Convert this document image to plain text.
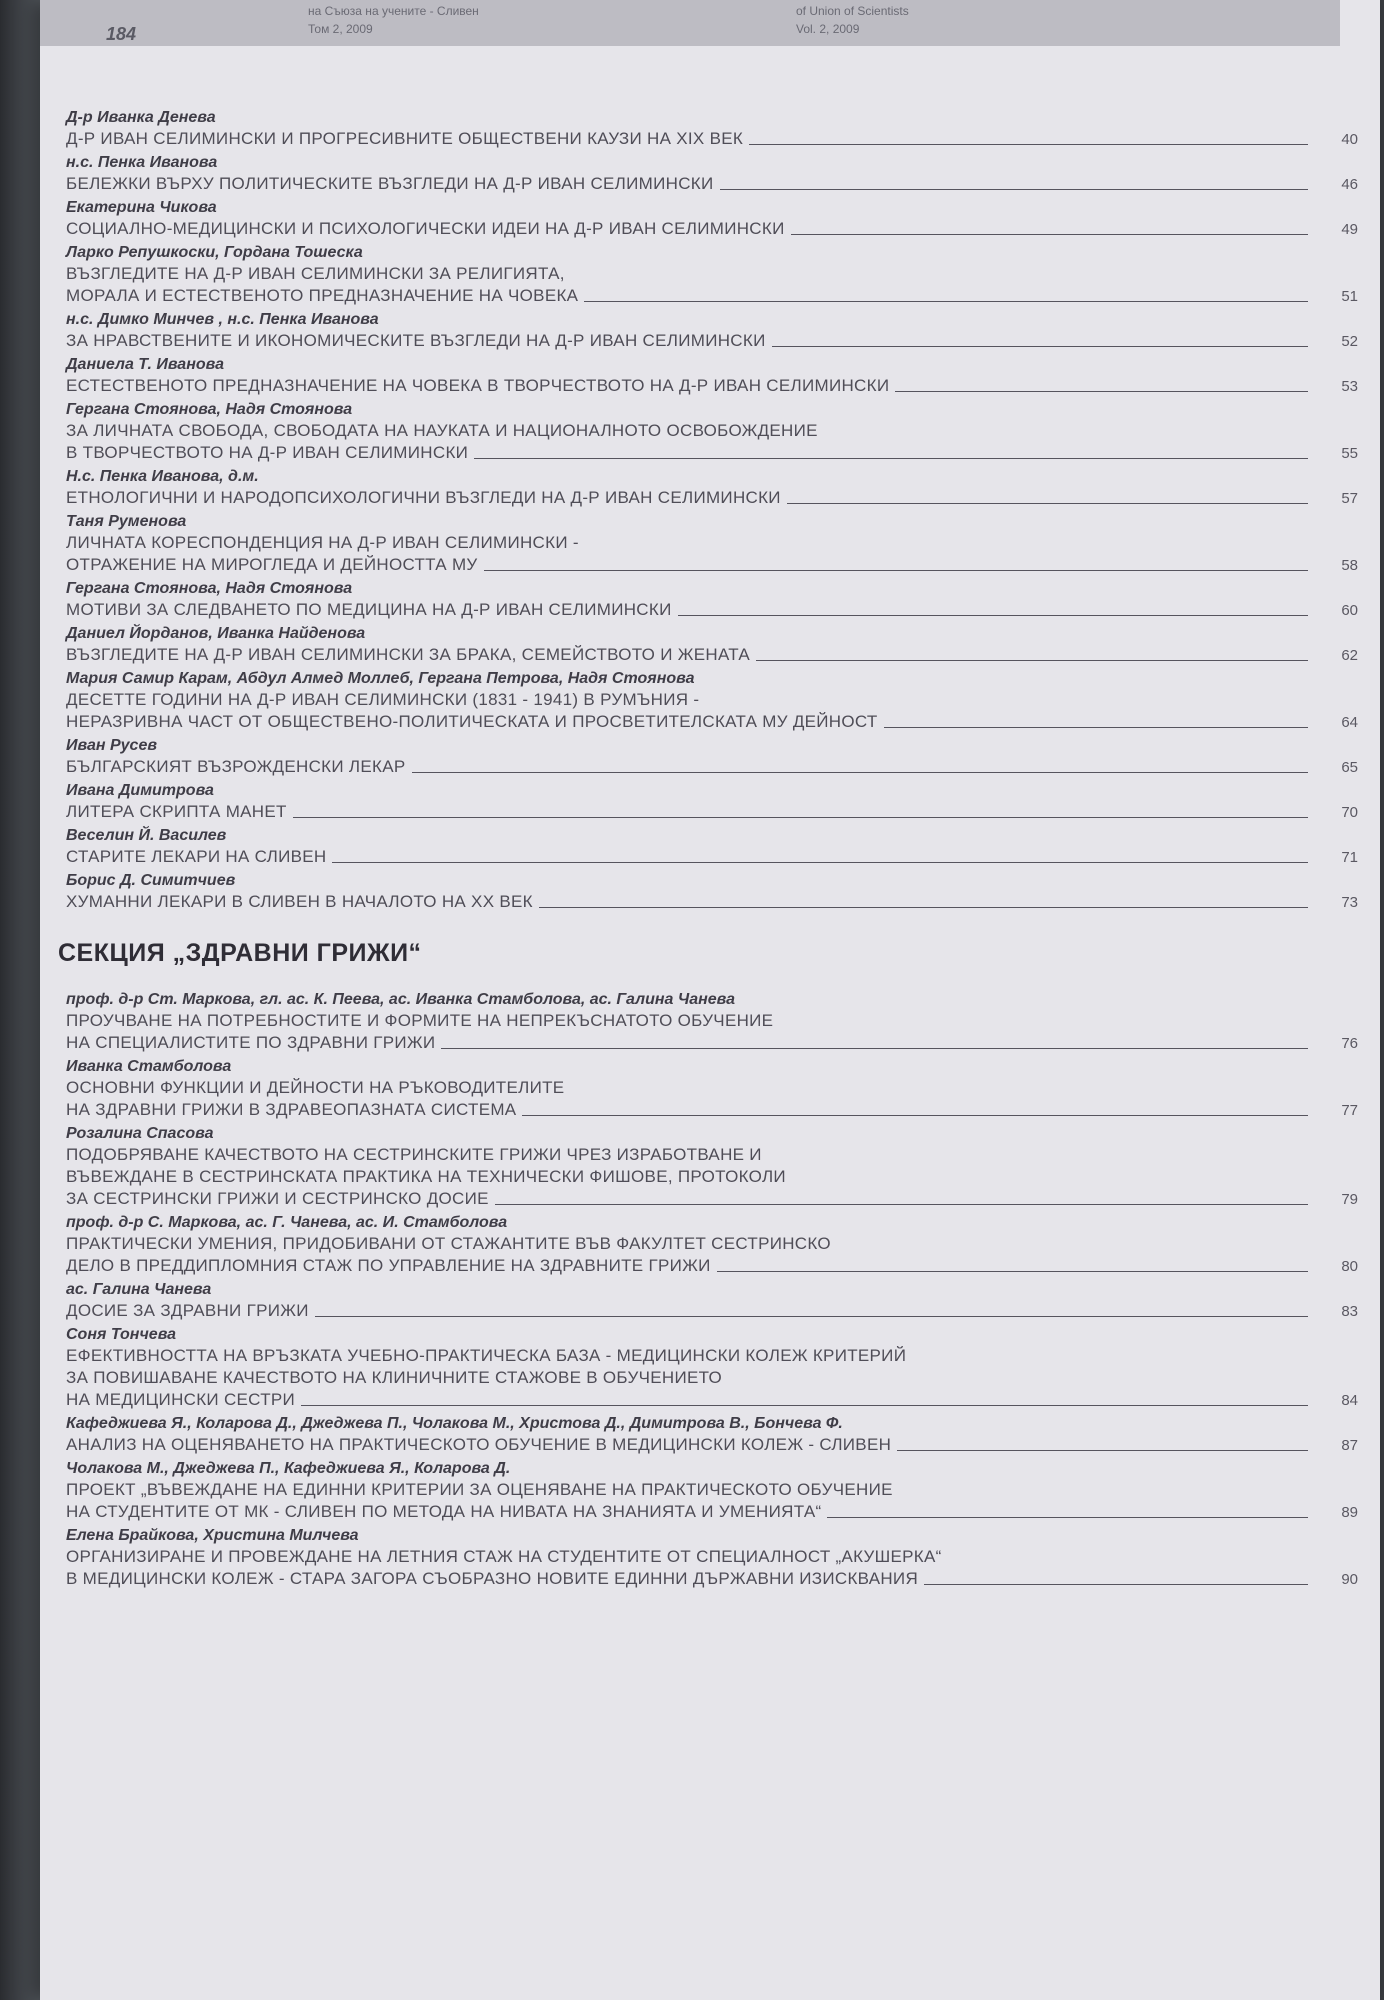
184
на Съюза на учените - Сливен
Том 2, 2009
of Union of Scientists
Vol. 2, 2009
Д-р Иванка Денева
Д-Р ИВАН СЕЛИМИНСКИ И ПРОГРЕСИВНИТЕ ОБЩЕСТВЕНИ КАУЗИ НА XIX ВЕК	40
н.с. Пенка Иванова
БЕЛЕЖКИ ВЪРХУ ПОЛИТИЧЕСКИТЕ ВЪЗГЛЕДИ НА Д-Р ИВАН СЕЛИМИНСКИ	46
Екатерина Чикова
СОЦИАЛНО-МЕДИЦИНСКИ И ПСИХОЛОГИЧЕСКИ ИДЕИ НА Д-Р ИВАН СЕЛИМИНСКИ	49
Ларко Репушкоски, Гордана Тошеска
ВЪЗГЛЕДИТЕ НА Д-Р ИВАН СЕЛИМИНСКИ ЗА РЕЛИГИЯТА,
МОРАЛА И ЕСТЕСТВЕНОТО ПРЕДНАЗНАЧЕНИЕ НА ЧОВЕКА	51
н.с. Димко Минчев , н.с. Пенка Иванова
ЗА НРАВСТВЕНИТЕ И ИКОНОМИЧЕСКИТЕ ВЪЗГЛЕДИ НА Д-Р ИВАН СЕЛИМИНСКИ	52
Даниела Т. Иванова
ЕСТЕСТВЕНОТО ПРЕДНАЗНАЧЕНИЕ НА ЧОВЕКА В ТВОРЧЕСТВОТО НА Д-Р ИВАН СЕЛИМИНСКИ	53
Гергана Стоянова, Надя Стоянова
ЗА ЛИЧНАТА СВОБОДА, СВОБОДАТА НА НАУКАТА И НАЦИОНАЛНОТО ОСВОБОЖДЕНИЕ
В ТВОРЧЕСТВОТО НА Д-Р ИВАН СЕЛИМИНСКИ	55
Н.с. Пенка Иванова, д.м.
ЕТНОЛОГИЧНИ И НАРОДОПСИХОЛОГИЧНИ ВЪЗГЛЕДИ НА Д-Р ИВАН СЕЛИМИНСКИ	57
Таня Руменова
ЛИЧНАТА КОРЕСПОНДЕНЦИЯ НА Д-Р ИВАН СЕЛИМИНСКИ -
ОТРАЖЕНИЕ НА МИРОГЛЕДА И ДЕЙНОСТТА МУ	58
Гергана Стоянова, Надя Стоянова
МОТИВИ ЗА СЛЕДВАНЕТО ПО МЕДИЦИНА НА Д-Р ИВАН СЕЛИМИНСКИ	60
Даниел Йорданов, Иванка Найденова
ВЪЗГЛЕДИТЕ НА Д-Р ИВАН СЕЛИМИНСКИ ЗА БРАКА, СЕМЕЙСТВОТО И ЖЕНАТА	62
Мария Самир Карам, Абдул Алмед Моллеб, Гергана Петрова, Надя Стоянова
ДЕСЕТТЕ ГОДИНИ НА Д-Р ИВАН СЕЛИМИНСКИ (1831 - 1941) В РУМЪНИЯ -
НЕРАЗРИВНА ЧАСТ ОТ ОБЩЕСТВЕНО-ПОЛИТИЧЕСКАТА И ПРОСВЕТИТЕЛСКАТА МУ ДЕЙНОСТ	64
Иван Русев
БЪЛГАРСКИЯТ ВЪЗРОЖДЕНСКИ ЛЕКАР	65
Ивана Димитрова
ЛИТЕРА СКРИПТА МАНЕТ	70
Веселин Й. Василев
СТАРИТЕ ЛЕКАРИ НА СЛИВЕН	71
Борис Д. Симитчиев
ХУМАННИ ЛЕКАРИ В СЛИВЕН В НАЧАЛОТО НА XX ВЕК	73
СЕКЦИЯ „ЗДРАВНИ ГРИЖИ“
проф. д-р Ст. Маркова, гл. ас. К. Пеева, ас. Иванка Стамболова, ас. Галина Чанева
ПРОУЧВАНЕ НА ПОТРЕБНОСТИТЕ И ФОРМИТЕ НА НЕПРЕКЪСНАТОТО ОБУЧЕНИЕ
НА СПЕЦИАЛИСТИТЕ ПО ЗДРАВНИ ГРИЖИ	76
Иванка Стамболова
ОСНОВНИ ФУНКЦИИ И ДЕЙНОСТИ НА РЪКОВОДИТЕЛИТЕ
НА ЗДРАВНИ ГРИЖИ В ЗДРАВЕОПАЗНАТА СИСТЕМА	77
Розалина Спасова
ПОДОБРЯВАНЕ КАЧЕСТВОТО НА СЕСТРИНСКИТЕ ГРИЖИ ЧРЕЗ ИЗРАБОТВАНЕ И
ВЪВЕЖДАНЕ В СЕСТРИНСКАТА ПРАКТИКА НА ТЕХНИЧЕСКИ ФИШОВЕ, ПРОТОКОЛИ
ЗА СЕСТРИНСКИ ГРИЖИ И СЕСТРИНСКО ДОСИЕ	79
проф. д-р С. Маркова, ас. Г. Чанева, ас. И. Стамболова
ПРАКТИЧЕСКИ УМЕНИЯ, ПРИДОБИВАНИ ОТ СТАЖАНТИТЕ ВЪВ ФАКУЛТЕТ СЕСТРИНСКО
ДЕЛО В ПРЕДДИПЛОМНИЯ СТАЖ ПО УПРАВЛЕНИЕ НА ЗДРАВНИТЕ ГРИЖИ	80
ас. Галина Чанева
ДОСИЕ ЗА ЗДРАВНИ ГРИЖИ	83
Соня Тончева
ЕФЕКТИВНОСТТА НА ВРЪЗКАТА УЧЕБНО-ПРАКТИЧЕСКА БАЗА - МЕДИЦИНСКИ КОЛЕЖ КРИТЕРИЙ
ЗА ПОВИШАВАНЕ КАЧЕСТВОТО НА КЛИНИЧНИТЕ СТАЖОВЕ В ОБУЧЕНИЕТО
НА МЕДИЦИНСКИ СЕСТРИ	84
Кафеджиева Я., Коларова Д., Джеджева П., Чолакова М., Христова Д., Димитрова В., Бончева Ф.
АНАЛИЗ НА ОЦЕНЯВАНЕТО НА ПРАКТИЧЕСКОТО ОБУЧЕНИЕ В МЕДИЦИНСКИ КОЛЕЖ - СЛИВЕН	87
Чолакова М., Джеджева П., Кафеджиева Я., Коларова Д.
ПРОЕКТ „ВЪВЕЖДАНЕ НА ЕДИННИ КРИТЕРИИ ЗА ОЦЕНЯВАНЕ НА ПРАКТИЧЕСКОТО ОБУЧЕНИЕ
НА СТУДЕНТИТЕ ОТ МК - СЛИВЕН ПО МЕТОДА НА НИВАТА НА ЗНАНИЯТА И УМЕНИЯТА“	89
Елена Брайкова, Христина Милчева
ОРГАНИЗИРАНЕ И ПРОВЕЖДАНЕ НА ЛЕТНИЯ СТАЖ НА СТУДЕНТИТЕ ОТ СПЕЦИАЛНОСТ „АКУШЕРКА“
В МЕДИЦИНСКИ КОЛЕЖ - СТАРА ЗАГОРА СЪОБРАЗНО НОВИТЕ ЕДИННИ ДЪРЖАВНИ ИЗИСКВАНИЯ	90
